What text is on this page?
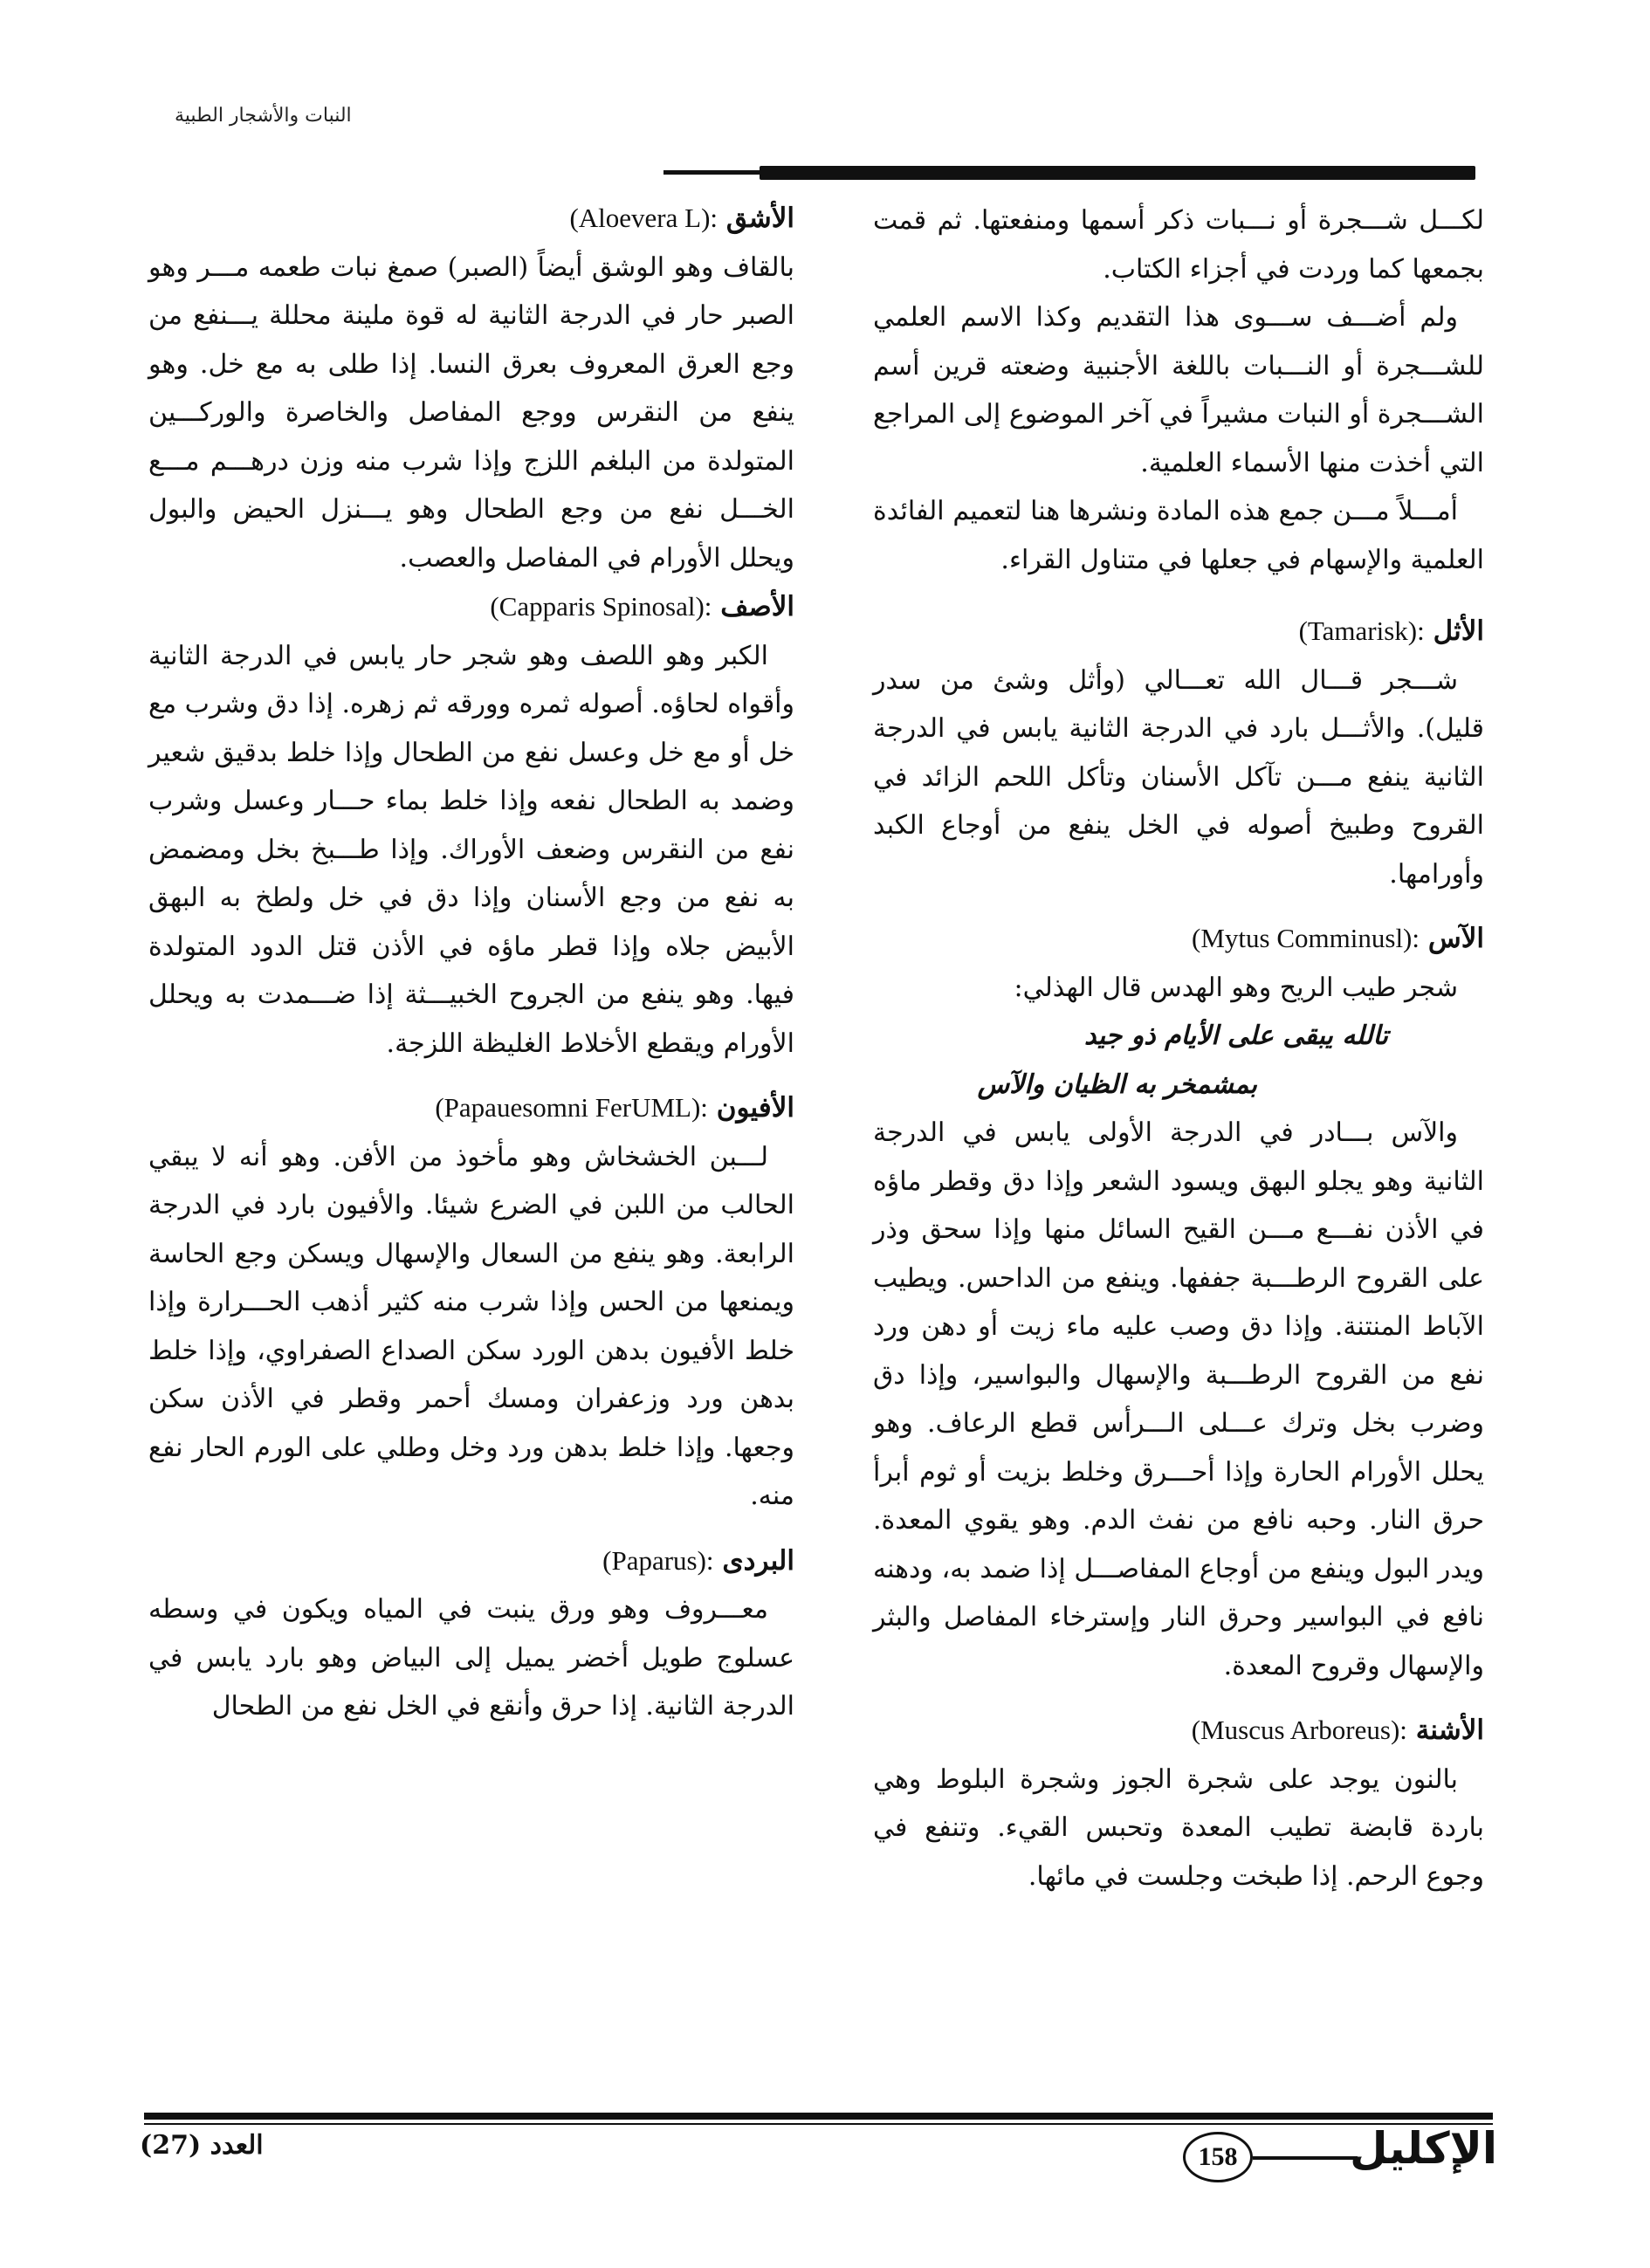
النبات والأشجار الطبية

لكـــل شـــجرة أو نـــبات ذكر أسمها ومنفعتها. ثم قمت بجمعها كما وردت في أجزاء الكتاب.

ولم أضـــف ســـوى هذا التقديم وكذا الاسم العلمي للشـــجرة أو النـــبات باللغة الأجنبية وضعته قرين أسم الشـــجرة أو النبات مشيراً في آخر الموضوع إلى المراجع التي أخذت منها الأسماء العلمية.

أمـــلاً مـــن جمع هذه المادة ونشرها هنا لتعميم الفائدة العلمية والإسهام في جعلها في متناول القراء.

الأثل (Tamarisk):

شـــجر قـــال الله تعـــالي (وأثل وشئ من سدر قليل). والأثـــل بارد في الدرجة الثانية يابس في الدرجة الثانية ينفع مـــن تآكل الأسنان وتأكل اللحم الزائد في القروح وطبيخ أصوله في الخل ينفع من أوجاع الكبد وأورامها.

الآس (Mytus Comminusl):

شجر طيب الريح وهو الهدس قال الهذلي:

تالله يبقى على الأيام ذو جيد

بمشمخر به الظيان والآس

والآس بـــادر في الدرجة الأولى يابس في الدرجة الثانية وهو يجلو البهق ويسود الشعر وإذا دق وقطر ماؤه في الأذن نفـــع مـــن القيح السائل منها وإذا سحق وذر على القروح الرطـــبة جففها. وينفع من الداحس. ويطيب الآباط المنتنة. وإذا دق وصب عليه ماء زيت أو دهن ورد نفع من القروح الرطـــبة والإسهال والبواسير، وإذا دق وضرب بخل وترك عـــلى الـــرأس قطع الرعاف. وهو يحلل الأورام الحارة وإذا أحـــرق وخلط بزيت أو ثوم أبرأ حرق النار. وحبه نافع من نفث الدم. وهو يقوي المعدة. ويدر البول وينفع من أوجاع المفاصـــل إذا ضمد به، ودهنه نافع في البواسير وحرق النار وإسترخاء المفاصل والبثر والإسهال وقروح المعدة.

الأشنة (Muscus Arboreus):

بالنون يوجد على شجرة الجوز وشجرة البلوط وهي باردة قابضة تطيب المعدة وتحبس القيء. وتنفع في وجوع الرحم. إذا طبخت وجلست في مائها.

الأشق (Aloevera L):

بالقاف وهو الوشق أيضاً (الصبر) صمغ نبات طعمه مـــر وهو الصبر حار في الدرجة الثانية له قوة ملينة محللة يـــنفع من وجع العرق المعروف بعرق النسا. إذا طلى به مع خل. وهو ينفع من النقرس ووجع المفاصل والخاصرة والوركـــين المتولدة من البلغم اللزج وإذا شرب منه وزن درهـــم مـــع الخـــل نفع من وجع الطحال وهو يـــنزل الحيض والبول ويحلل الأورام في المفاصل والعصب.

الأصف (Capparis Spinosal):

الكبر وهو اللصف وهو شجر حار يابس في الدرجة الثانية وأقواه لحاؤه. أصوله ثمره وورقه ثم زهره. إذا دق وشرب مع خل أو مع خل وعسل نفع من الطحال وإذا خلط بدقيق شعير وضمد به الطحال نفعه وإذا خلط بماء حـــار وعسل وشرب نفع من النقرس وضعف الأوراك. وإذا طـــبخ بخل ومضمض به نفع من وجع الأسنان وإذا دق في خل ولطخ به البهق الأبيض جلاه وإذا قطر ماؤه في الأذن قتل الدود المتولدة فيها. وهو ينفع من الجروح الخبيـــثة إذا ضـــمدت به ويحلل الأورام ويقطع الأخلاط الغليظة اللزجة.

الأفيون (Papauesomni FerUML):

لـــبن الخشخاش وهو مأخوذ من الأفن. وهو أنه لا يبقي الحالب من اللبن في الضرع شيئا. والأفيون بارد في الدرجة الرابعة. وهو ينفع من السعال والإسهال ويسكن وجع الحاسة ويمنعها من الحس وإذا شرب منه كثير أذهب الحـــرارة وإذا خلط الأفيون بدهن الورد سكن الصداع الصفراوي، وإذا خلط بدهن ورد وزعفران ومسك أحمر وقطر في الأذن سكن وجعها. وإذا خلط بدهن ورد وخل وطلي على الورم الحار نفع منه.

البردى (Paparus):

معـــروف وهو ورق ينبت في المياه ويكون في وسطه عسلوج طويل أخضر يميل إلى البياض وهو بارد يابس في الدرجة الثانية. إذا حرق وأنقع في الخل نفع من الطحال

العدد (27)	158	الإكليل
